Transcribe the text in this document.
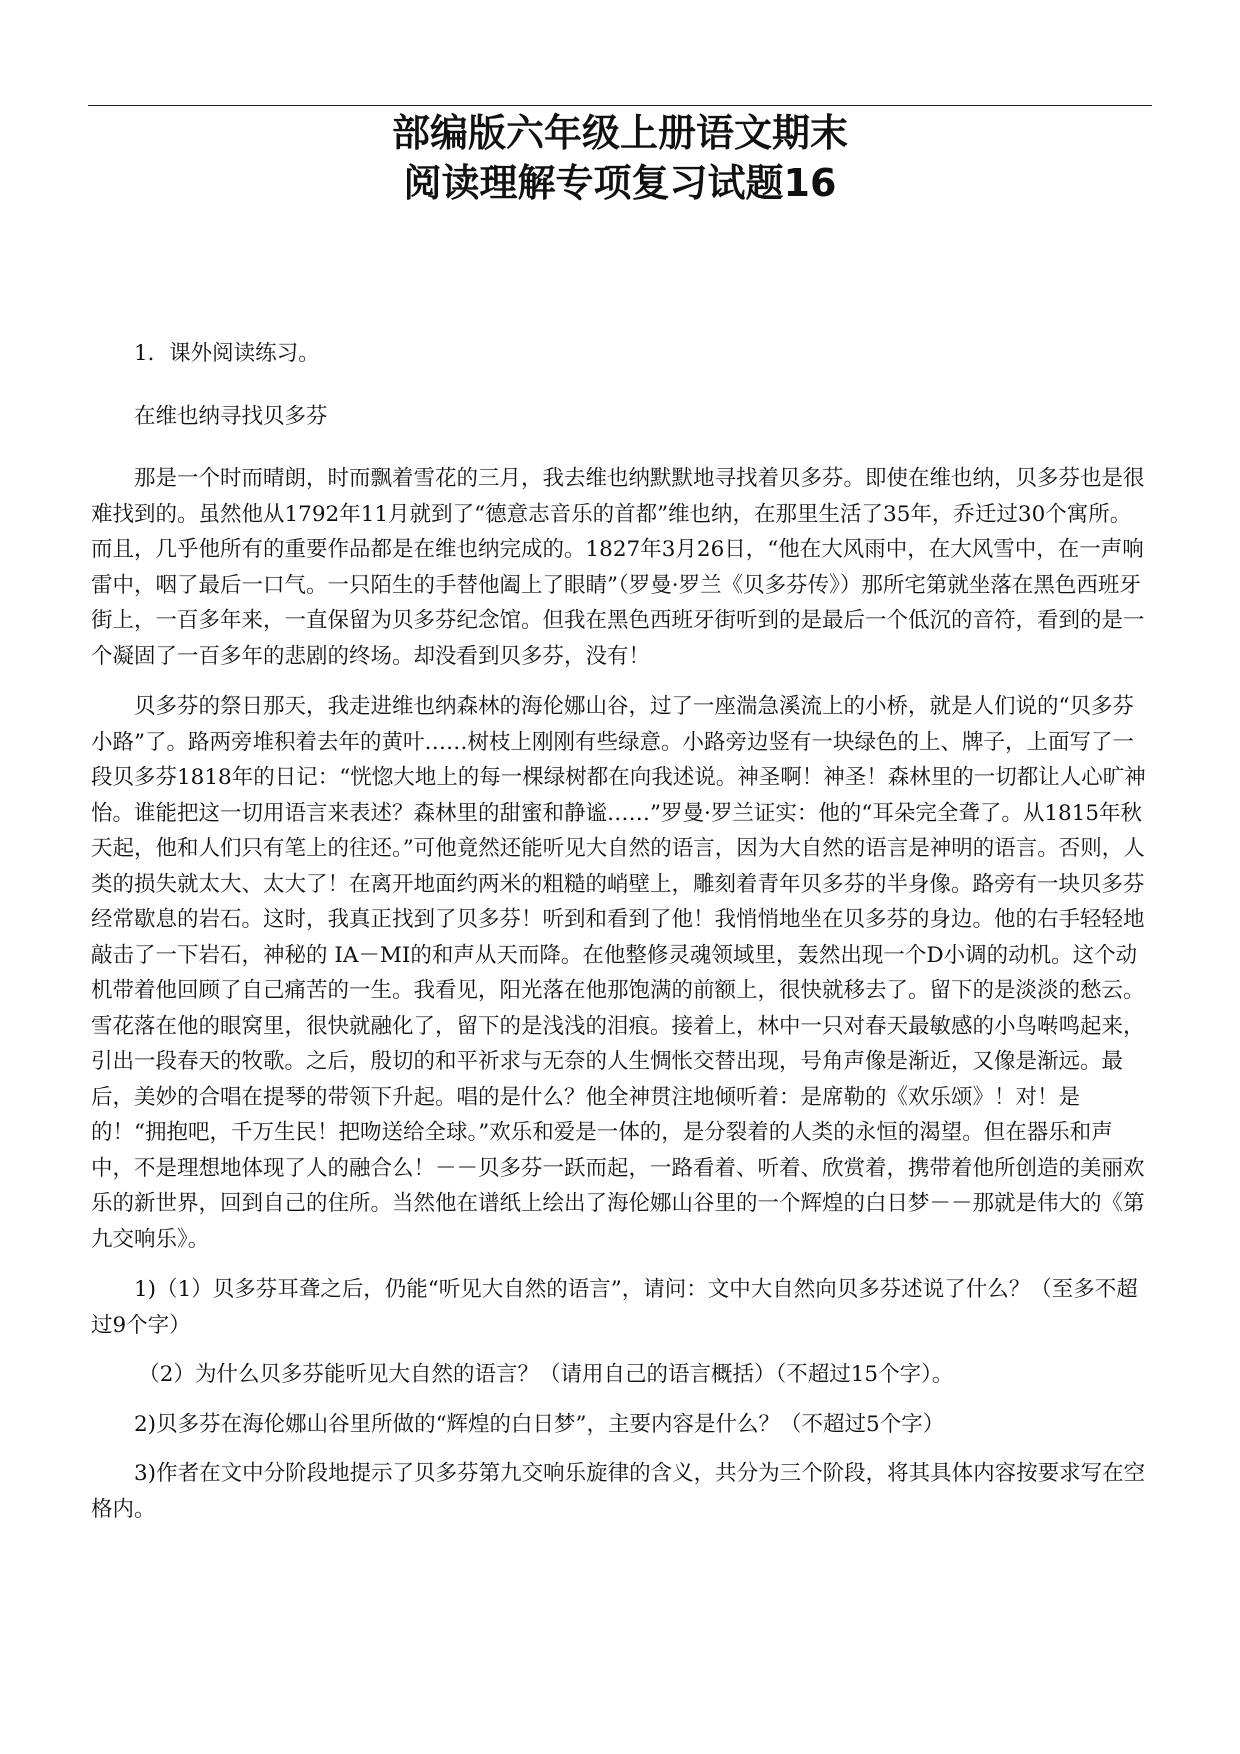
部编版六年级上册语文期末
阅读理解专项复习试题16

1．课外阅读练习。

在维也纳寻找贝多芬

那是一个时而晴朗，时而飘着雪花的三月，我去维也纳默默地寻找着贝多芬。即使在维也纳，贝多芬也是很难找到的。虽然他从1792年11月就到了“德意志音乐的首都”维也纳，在那里生活了35年，乔迁过30个寓所。而且，几乎他所有的重要作品都是在维也纳完成的。1827年3月26日，“他在大风雨中，在大风雪中，在一声响雷中，咽了最后一口气。一只陌生的手替他阖上了眼睛”（罗曼·罗兰《贝多芬传》）那所宅第就坐落在黑色西班牙街上，一百多年来，一直保留为贝多芬纪念馆。但我在黑色西班牙街听到的是最后一个低沉的音符，看到的是一个凝固了一百多年的悲剧的终场。却没看到贝多芬，没有！

贝多芬的祭日那天，我走进维也纳森林的海伦娜山谷，过了一座湍急溪流上的小桥，就是人们说的“贝多芬小路”了。路两旁堆积着去年的黄叶……树枝上刚刚有些绿意。小路旁边竖有一块绿色的上、牌子，上面写了一段贝多芬1818年的日记：“恍惚大地上的每一棵绿树都在向我述说。神圣啊！神圣！森林里的一切都让人心旷神怡。谁能把这一切用语言来表述？森林里的甜蜜和静谧……”罗曼·罗兰证实：他的“耳朵完全聋了。从1815年秋天起，他和人们只有笔上的往还。”可他竟然还能听见大自然的语言，因为大自然的语言是神明的语言。否则，人类的损失就太大、太大了！在离开地面约两米的粗糙的峭壁上，雕刻着青年贝多芬的半身像。路旁有一块贝多芬经常歇息的岩石。这时，我真正找到了贝多芬！听到和看到了他！我悄悄地坐在贝多芬的身边。他的右手轻轻地敲击了一下岩石，神秘的 IA－MI的和声从天而降。在他整修灵魂领域里，轰然出现一个D小调的动机。这个动机带着他回顾了自己痛苦的一生。我看见，阳光落在他那饱满的前额上，很快就移去了。留下的是淡淡的愁云。雪花落在他的眼窝里，很快就融化了，留下的是浅浅的泪痕。接着上，林中一只对春天最敏感的小鸟啭鸣起来，引出一段春天的牧歌。之后，殷切的和平祈求与无奈的人生惆怅交替出现，号角声像是渐近，又像是渐远。最后，美妙的合唱在提琴的带领下升起。唱的是什么？他全神贯注地倾听着：是席勒的《欢乐颂》！对！是的！“拥抱吧，千万生民！把吻送给全球。”欢乐和爱是一体的，是分裂着的人类的永恒的渴望。但在器乐和声中，不是理想地体现了人的融合么！－－贝多芬一跃而起，一路看着、听着、欣赏着，携带着他所创造的美丽欢乐的新世界，回到自己的住所。当然他在谱纸上绘出了海伦娜山谷里的一个辉煌的白日梦－－那就是伟大的《第九交响乐》。

1)（1）贝多芬耳聋之后，仍能“听见大自然的语言”，请问：文中大自然向贝多芬述说了什么？（至多不超过9个字）

（2）为什么贝多芬能听见大自然的语言？（请用自己的语言概括）（不超过15个字）。

2)贝多芬在海伦娜山谷里所做的“辉煌的白日梦”，主要内容是什么？（不超过5个字）

3)作者在文中分阶段地提示了贝多芬第九交响乐旋律的含义，共分为三个阶段，将其具体内容按要求写在空格内。
